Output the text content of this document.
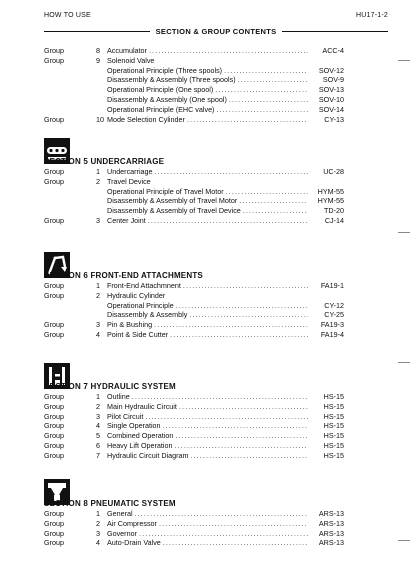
HOW TO USE	HU17-1-2
SECTION & GROUP CONTENTS
Group	8 Accumulator .....	ACC-4
Group	9 Solenoid Valve
Operational Principle (Three spools) .....	SOV-12
Disassembly & Assembly (Three spools) .....	SOV-9
Operational Principle (One spool) .....	SOV-13
Disassembly & Assembly (One spool) .....	SOV-10
Operational Principle (EHC valve) .....	SOV-14
Group	10 Mode Selection Cylinder .....	CY-13
SECTION 5 UNDERCARRIAGE
Group	1 Undercarriage .....	UC-28
Group	2 Travel Device
Operational Principle of Travel Motor .....	HYM-55
Disassembly & Assembly of Travel Motor .....	HYM-55
Disassembly & Assembly of Travel Device .....	TD-20
Group	3 Center Joint .....	CJ-14
SECTION 6 FRONT-END ATTACHMENTS
Group	1 Front-End Attachmnent .....	FA19-1
Group	2 Hydraulic Cylinder
Operational Principle .....	CY-12
Disassembly & Assembly .....	CY-25
Group	3 Pin & Bushing .....	FA19-3
Group	4 Point & Side Cutter .....	FA19-4
SECTION 7 HYDRAULIC SYSTEM
Group	1 Outline .....	HS-15
Group	2 Main Hydraulic Circuit .....	HS-15
Group	3 Pilot Circuit .....	HS-15
Group	4 Single Operation .....	HS-15
Group	5 Combined Operation .....	HS-15
Group	6 Heavy Lift Operation .....	HS-15
Group	7 Hydraulic Circuit Diagram .....	HS-15
SECTION 8 PNEUMATIC SYSTEM
Group	1 General .....	ARS-13
Group	2 Air Compressor .....	ARS-13
Group	3 Governor .....	ARS-13
Group	4 Auto-Drain Valve .....	ARS-13
